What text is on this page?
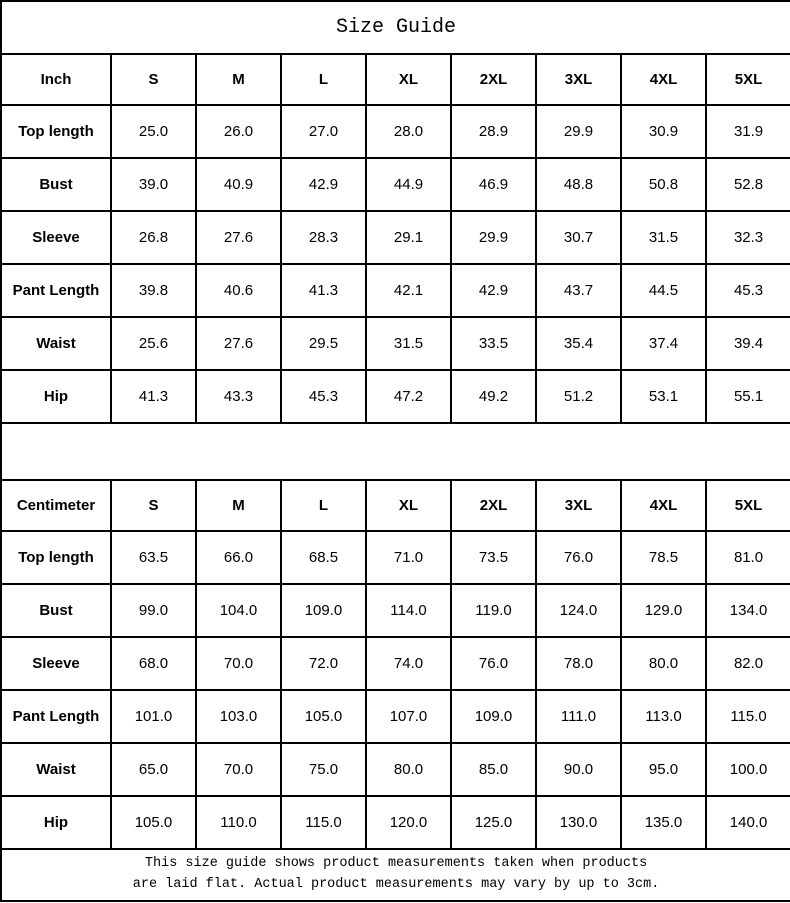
Size Guide								
Inch	S	M	L	XL	2XL	3XL	4XL	5XL
Top length	25.0	26.0	27.0	28.0	28.9	29.9	30.9	31.9
Bust	39.0	40.9	42.9	44.9	46.9	48.8	50.8	52.8
Sleeve	26.8	27.6	28.3	29.1	29.9	30.7	31.5	32.3
Pant Length	39.8	40.6	41.3	42.1	42.9	43.7	44.5	45.3
Waist	25.6	27.6	29.5	31.5	33.5	35.4	37.4	39.4
Hip	41.3	43.3	45.3	47.2	49.2	51.2	53.1	55.1

Centimeter	S	M	L	XL	2XL	3XL	4XL	5XL
Top length	63.5	66.0	68.5	71.0	73.5	76.0	78.5	81.0
Bust	99.0	104.0	109.0	114.0	119.0	124.0	129.0	134.0
Sleeve	68.0	70.0	72.0	74.0	76.0	78.0	80.0	82.0
Pant Length	101.0	103.0	105.0	107.0	109.0	111.0	113.0	115.0
Waist	65.0	70.0	75.0	80.0	85.0	90.0	95.0	100.0
Hip	105.0	110.0	115.0	120.0	125.0	130.0	135.0	140.0

This size guide shows product measurements taken when products
are laid flat. Actual product measurements may vary by up to 3cm.								
